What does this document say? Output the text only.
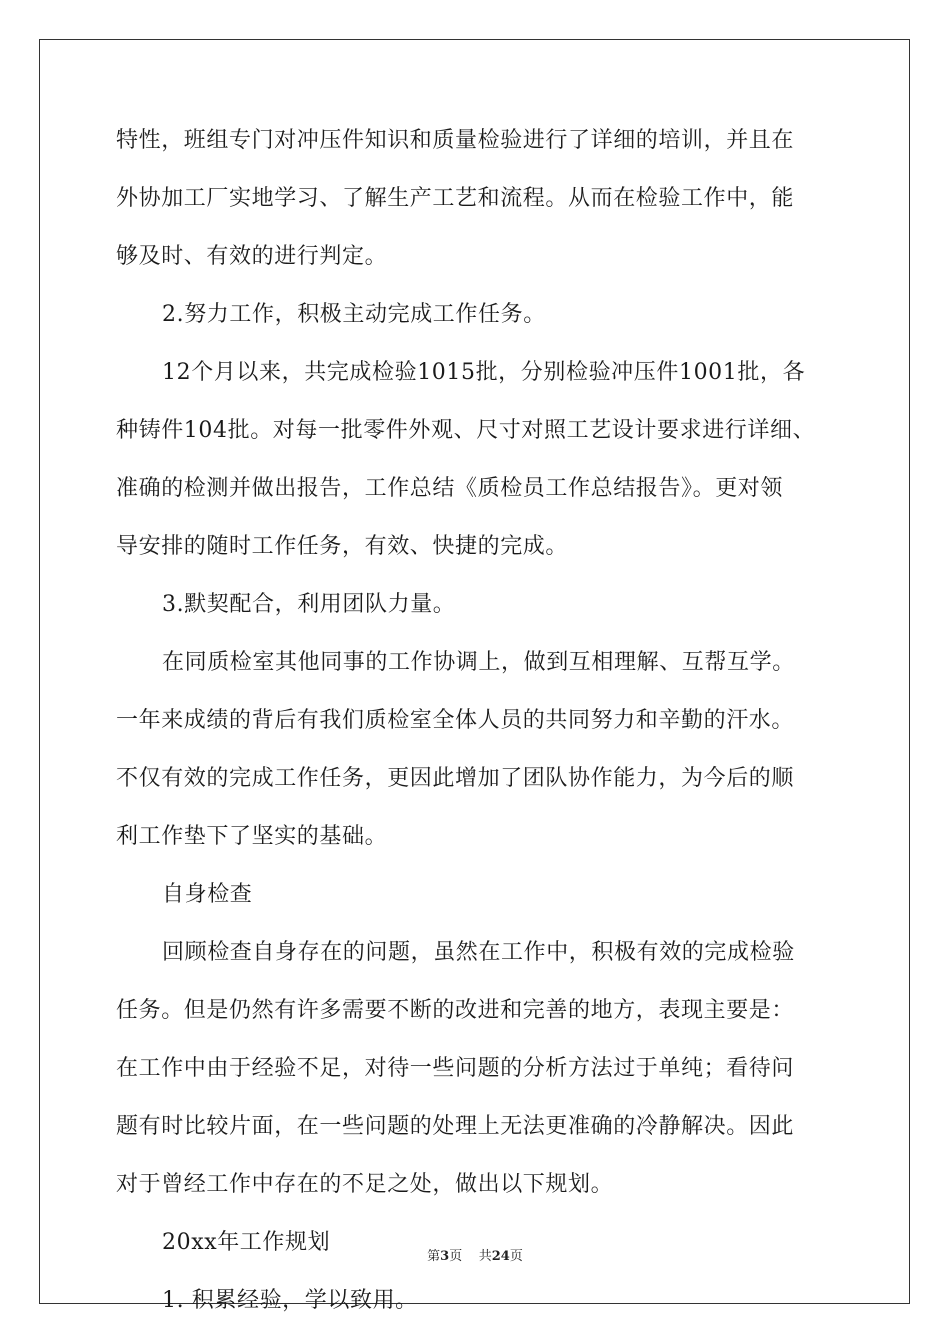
特性，班组专门对冲压件知识和质量检验进行了详细的培训，并且在
外协加工厂实地学习、了解生产工艺和流程。从而在检验工作中，能
够及时、有效的进行判定。
2.努力工作，积极主动完成工作任务。
12个月以来，共完成检验1015批，分别检验冲压件1001批，各
种铸件104批。对每一批零件外观、尺寸对照工艺设计要求进行详细、
准确的检测并做出报告，工作总结《质检员工作总结报告》。更对领
导安排的随时工作任务，有效、快捷的完成。
3.默契配合，利用团队力量。
在同质检室其他同事的工作协调上，做到互相理解、互帮互学。
一年来成绩的背后有我们质检室全体人员的共同努力和辛勤的汗水。
不仅有效的完成工作任务，更因此增加了团队协作能力，为今后的顺
利工作垫下了坚实的基础。
自身检查
回顾检查自身存在的问题，虽然在工作中，积极有效的完成检验
任务。但是仍然有许多需要不断的改进和完善的地方，表现主要是：
在工作中由于经验不足，对待一些问题的分析方法过于单纯；看待问
题有时比较片面，在一些问题的处理上无法更准确的冷静解决。因此
对于曾经工作中存在的不足之处，做出以下规划。
20xx年工作规划
1. 积累经验，学以致用。
第3页 共24页
